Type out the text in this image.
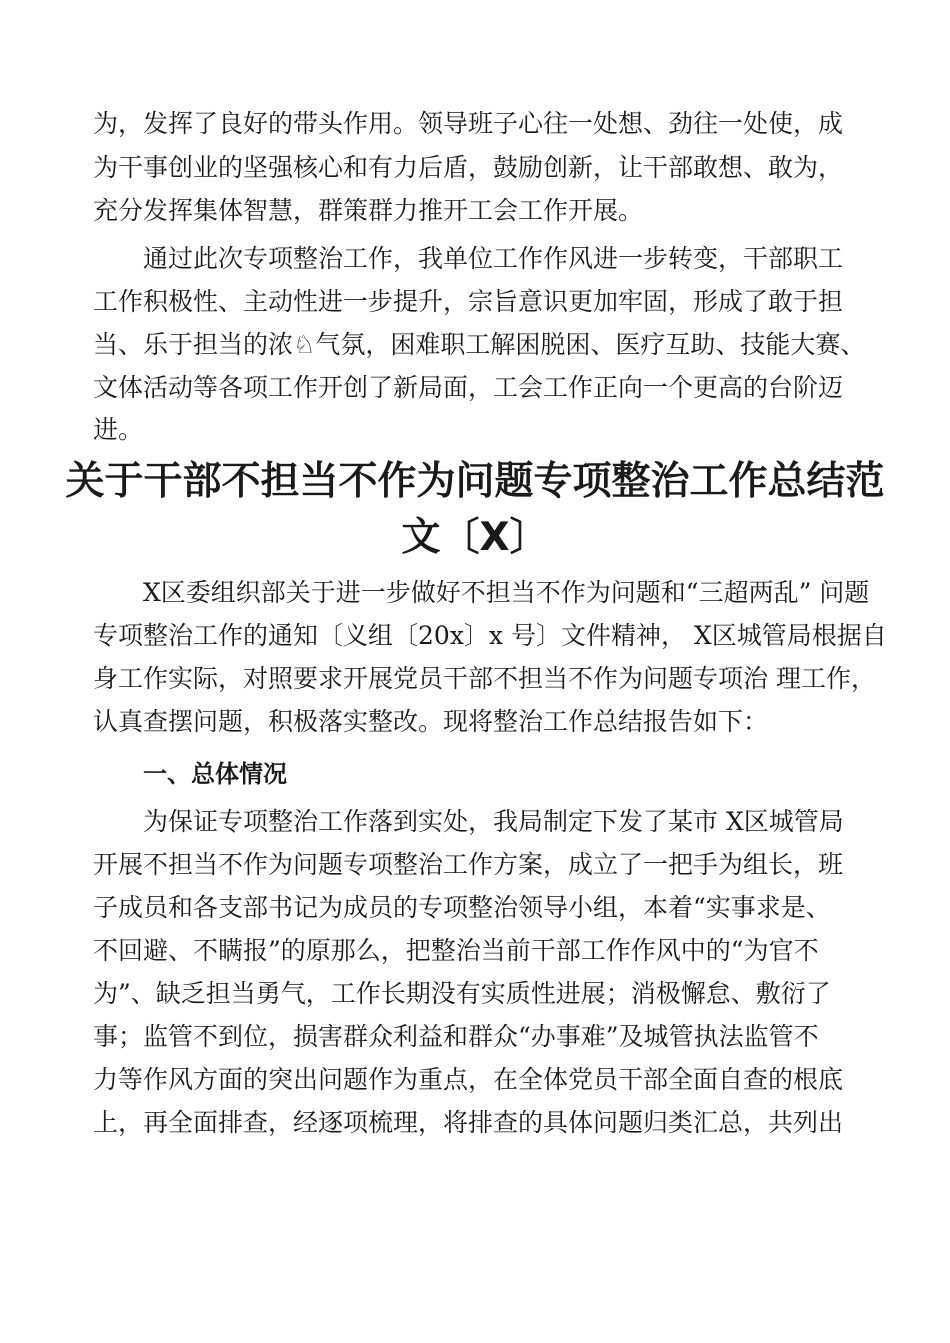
为，发挥了良好的带头作用。领导班子心往一处想、劲往一处使，成
为干事创业的坚强核心和有力后盾，鼓励创新，让干部敢想、敢为，
充分发挥集体智慧，群策群力推开工会工作开展。
通过此次专项整治工作，我单位工作作风进一步转变，干部职工
工作积极性、主动性进一步提升，宗旨意识更加牢固，形成了敢于担
当、乐于担当的浓♘气氛，困难职工解困脱困、医疗互助、技能大赛、
文体活动等各项工作开创了新局面，工会工作正向一个更高的台阶迈
进。
关于干部不担当不作为问题专项整治工作总结范
文〔X〕
X区委组织部关于进一步做好不担当不作为问题和“三超两乱” 问题
专项整治工作的通知〔义组〔20x〕x 号〕文件精神， X区城管局根据自
身工作实际，对照要求开展党员干部不担当不作为问题专项治 理工作，
认真查摆问题，积极落实整改。现将整治工作总结报告如下：
一、总体情况
为保证专项整治工作落到实处，我局制定下发了某市 X区城管局
开展不担当不作为问题专项整治工作方案，成立了一把手为组长，班
子成员和各支部书记为成员的专项整治领导小组，本着“实事求是、
不回避、不瞒报”的原那么，把整治当前干部工作作风中的“为官不
为”、缺乏担当勇气，工作长期没有实质性进展；消极懈怠、敷衍了
事；监管不到位，损害群众利益和群众“办事难”及城管执法监管不
力等作风方面的突出问题作为重点，在全体党员干部全面自查的根底
上，再全面排查，经逐项梳理，将排查的具体问题归类汇总，共列出
